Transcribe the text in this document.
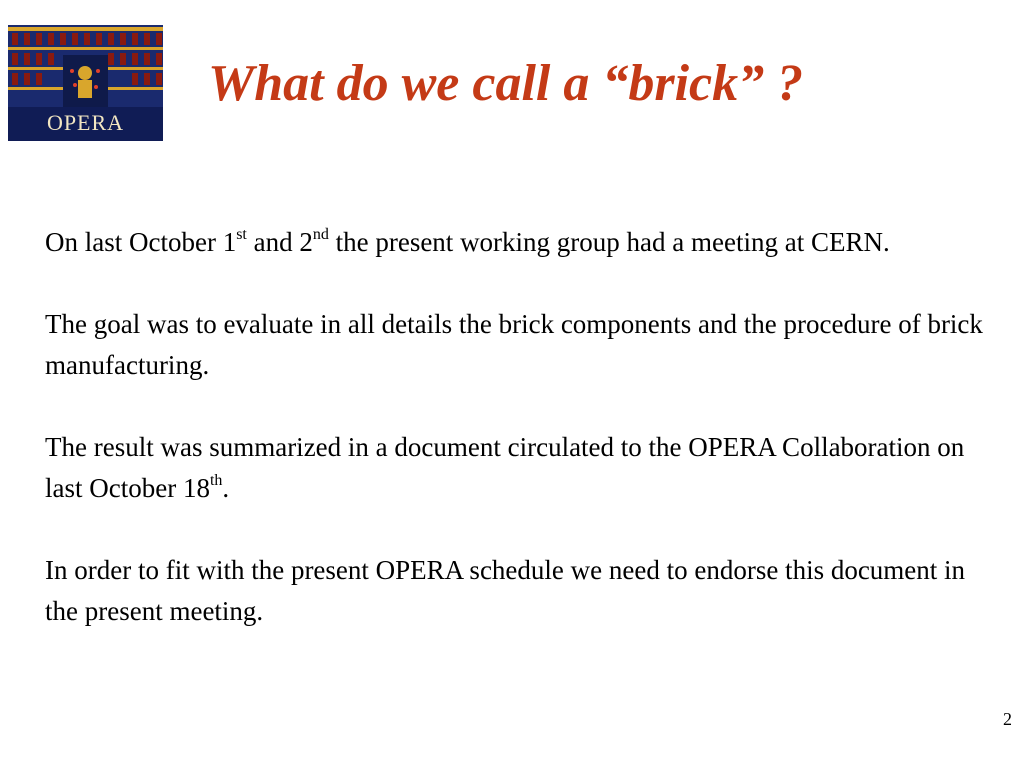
OPERA
What do we call a “brick” ?

On last October 1st and 2nd the present working group had a meeting at CERN.

The goal was to evaluate in all details the brick components and the procedure of brick manufacturing.

The result was summarized in a document circulated to the OPERA Collaboration on last October 18th.

In order to fit with the present OPERA schedule we need to endorse this document in the present meeting.

2
